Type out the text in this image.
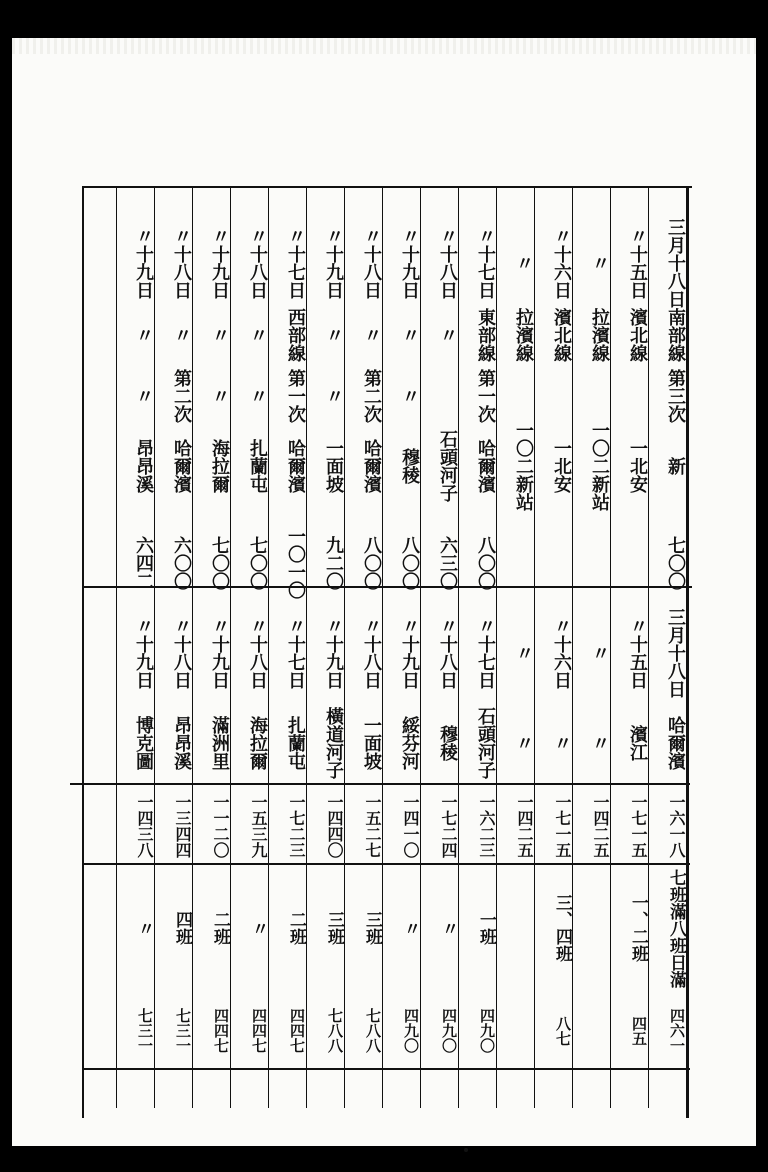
三月十八日
南部線
第三次
新
七〇〇
〃十五日
濱北線
一北安
〃
拉濱線
一〇二新站
〃十六日
濱北線
一北安
〃
拉濱線
一〇二新站
〃十七日
東部線
第一次
哈爾濱
八〇〇
〃十八日
〃
石頭河子
六三〇
〃十九日
〃
〃
穆稜
八〇〇
〃十八日
〃
第二次
哈爾濱
八〇〇
〃十九日
〃
〃
一面坡
九二〇
〃十七日
西部線
第一次
哈爾濱
一〇一〇
〃十八日
〃
〃
扎蘭屯
七〇〇
〃十九日
〃
〃
海拉爾
七〇〇
〃十八日
〃
第二次
哈爾濱
六〇〇
〃十九日
〃
〃
昂昂溪
六四二
三月十八日
哈爾濱
一六一八
七班滿八班日滿
四六一
〃十五日
濱江
一七一五
一、二班
四五
〃
〃
一四二五
〃十六日
〃
一七一五
三、四班
八七
〃
〃
一四二五
〃十七日
石頭河子
一六二三
一班
四九〇
〃十八日
穆稜
一七二四
〃
四九〇
〃十九日
綏芬河
一四一〇
〃
四九〇
〃十八日
一面坡
一五二七
三班
七八八
〃十九日
橫道河子
一四四〇
三班
七八八
〃十七日
扎蘭屯
一七二三
二班
四四七
〃十八日
海拉爾
一五三九
〃
四四七
〃十九日
滿洲里
一一二〇
二班
四四七
〃十八日
昂昂溪
一三四四
四班
七三一
〃十九日
博克圖
一四三八
〃
七三一
